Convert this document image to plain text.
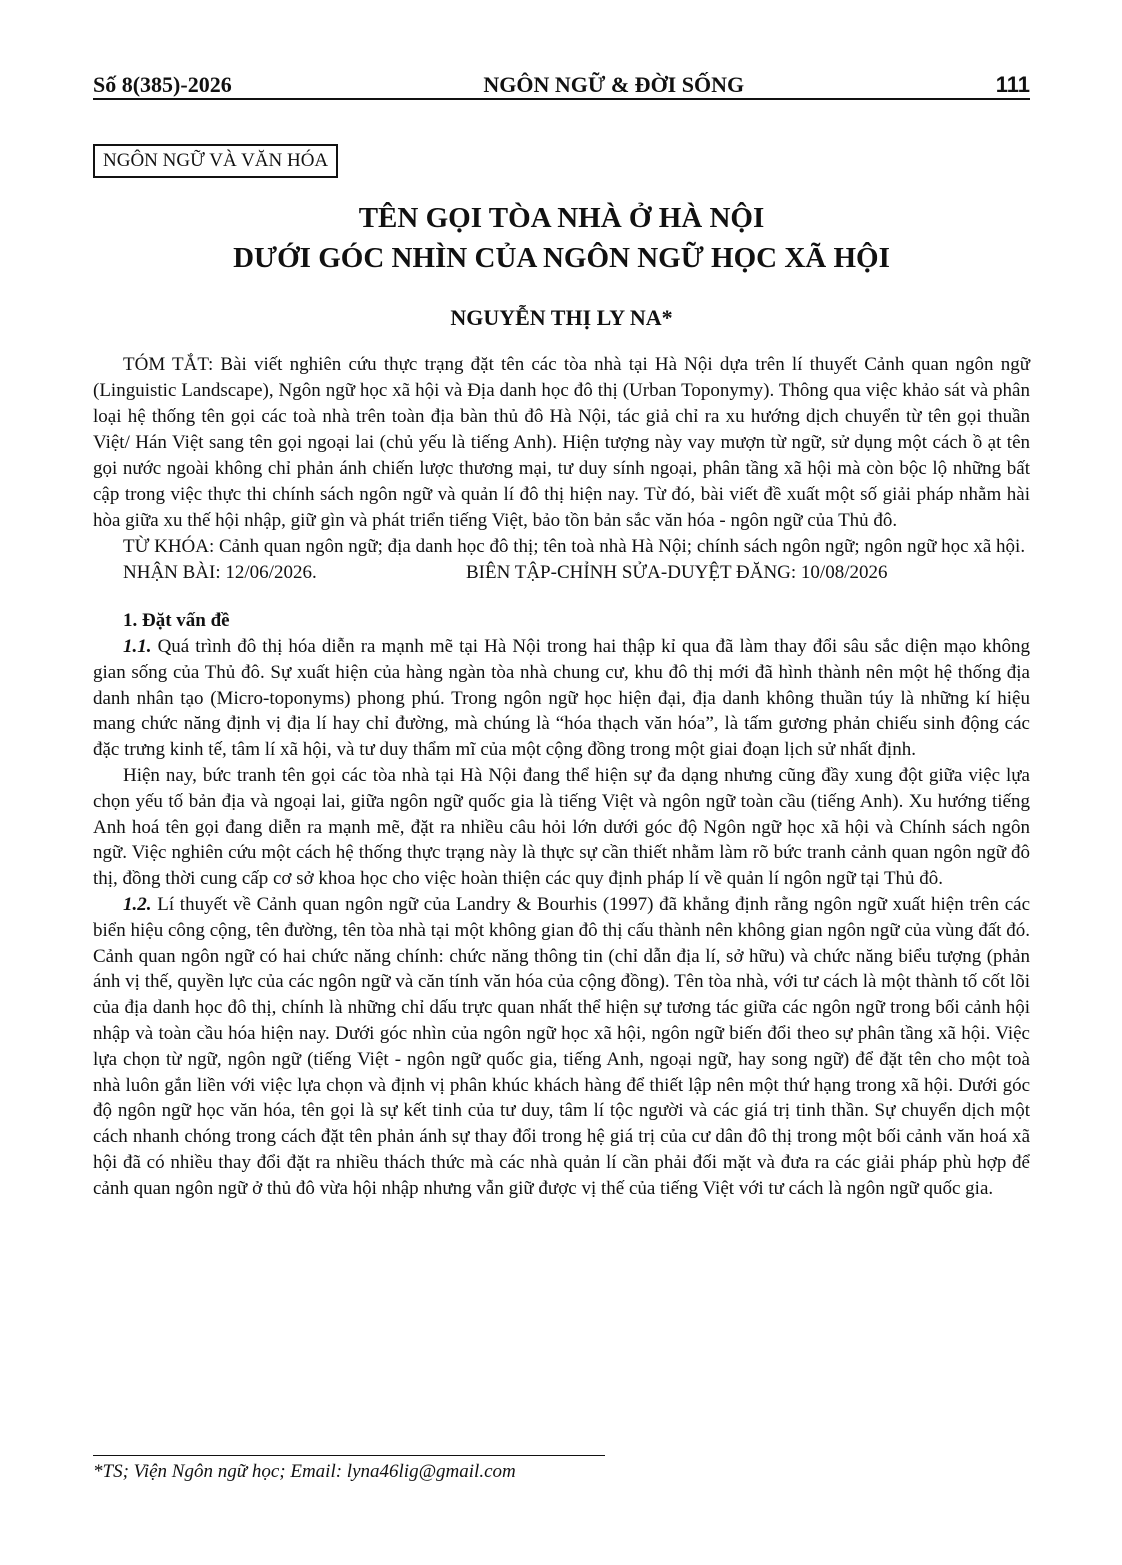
Số 8(385)-2026	NGÔN NGỮ & ĐỜI SỐNG	111
NGÔN NGỮ VÀ VĂN HÓA
TÊN GỌI TÒA NHÀ Ở HÀ NỘI
DƯỚI GÓC NHÌN CỦA NGÔN NGỮ HỌC XÃ HỘI
NGUYỄN THỊ LY NA*

TÓM TẮT: Bài viết nghiên cứu thực trạng đặt tên các tòa nhà tại Hà Nội dựa trên lí thuyết Cảnh quan ngôn ngữ (Linguistic Landscape), Ngôn ngữ học xã hội và Địa danh học đô thị (Urban Toponymy). Thông qua việc khảo sát và phân loại hệ thống tên gọi các toà nhà trên toàn địa bàn thủ đô Hà Nội, tác giả chỉ ra xu hướng dịch chuyển từ tên gọi thuần Việt/ Hán Việt sang tên gọi ngoại lai (chủ yếu là tiếng Anh). Hiện tượng này vay mượn từ ngữ, sử dụng một cách ồ ạt tên gọi nước ngoài không chỉ phản ánh chiến lược thương mại, tư duy sính ngoại, phân tầng xã hội mà còn bộc lộ những bất cập trong việc thực thi chính sách ngôn ngữ và quản lí đô thị hiện nay. Từ đó, bài viết đề xuất một số giải pháp nhằm hài hòa giữa xu thế hội nhập, giữ gìn và phát triển tiếng Việt, bảo tồn bản sắc văn hóa - ngôn ngữ của Thủ đô.

TỪ KHÓA: Cảnh quan ngôn ngữ; địa danh học đô thị; tên toà nhà Hà Nội; chính sách ngôn ngữ; ngôn ngữ học xã hội.

NHẬN BÀI: 12/06/2026.	BIÊN TẬP-CHỈNH SỬA-DUYỆT ĐĂNG: 10/08/2026
1. Đặt vấn đề

1.1. Quá trình đô thị hóa diễn ra mạnh mẽ tại Hà Nội trong hai thập kỉ qua đã làm thay đổi sâu sắc diện mạo không gian sống của Thủ đô. Sự xuất hiện của hàng ngàn tòa nhà chung cư, khu đô thị mới đã hình thành nên một hệ thống địa danh nhân tạo (Micro-toponyms) phong phú. Trong ngôn ngữ học hiện đại, địa danh không thuần túy là những kí hiệu mang chức năng định vị địa lí hay chỉ đường, mà chúng là “hóa thạch văn hóa”, là tấm gương phản chiếu sinh động các đặc trưng kinh tế, tâm lí xã hội, và tư duy thẩm mĩ của một cộng đồng trong một giai đoạn lịch sử nhất định.

Hiện nay, bức tranh tên gọi các tòa nhà tại Hà Nội đang thể hiện sự đa dạng nhưng cũng đầy xung đột giữa việc lựa chọn yếu tố bản địa và ngoại lai, giữa ngôn ngữ quốc gia là tiếng Việt và ngôn ngữ toàn cầu (tiếng Anh). Xu hướng tiếng Anh hoá tên gọi đang diễn ra mạnh mẽ, đặt ra nhiều câu hỏi lớn dưới góc độ Ngôn ngữ học xã hội và Chính sách ngôn ngữ. Việc nghiên cứu một cách hệ thống thực trạng này là thực sự cần thiết nhằm làm rõ bức tranh cảnh quan ngôn ngữ đô thị, đồng thời cung cấp cơ sở khoa học cho việc hoàn thiện các quy định pháp lí về quản lí ngôn ngữ tại Thủ đô.

1.2. Lí thuyết về Cảnh quan ngôn ngữ của Landry & Bourhis (1997) đã khẳng định rằng ngôn ngữ xuất hiện trên các biển hiệu công cộng, tên đường, tên tòa nhà tại một không gian đô thị cấu thành nên không gian ngôn ngữ của vùng đất đó. Cảnh quan ngôn ngữ có hai chức năng chính: chức năng thông tin (chỉ dẫn địa lí, sở hữu) và chức năng biểu tượng (phản ánh vị thế, quyền lực của các ngôn ngữ và căn tính văn hóa của cộng đồng). Tên tòa nhà, với tư cách là một thành tố cốt lõi của địa danh học đô thị, chính là những chỉ dấu trực quan nhất thể hiện sự tương tác giữa các ngôn ngữ trong bối cảnh hội nhập và toàn cầu hóa hiện nay. Dưới góc nhìn của ngôn ngữ học xã hội, ngôn ngữ biến đổi theo sự phân tầng xã hội. Việc lựa chọn từ ngữ, ngôn ngữ (tiếng Việt - ngôn ngữ quốc gia, tiếng Anh, ngoại ngữ, hay song ngữ) để đặt tên cho một toà nhà luôn gắn liền với việc lựa chọn và định vị phân khúc khách hàng để thiết lập nên một thứ hạng trong xã hội. Dưới góc độ ngôn ngữ học văn hóa, tên gọi là sự kết tinh của tư duy, tâm lí tộc người và các giá trị tinh thần. Sự chuyển dịch một cách nhanh chóng trong cách đặt tên phản ánh sự thay đổi trong hệ giá trị của cư dân đô thị trong một bối cảnh văn hoá xã hội đã có nhiều thay đổi đặt ra nhiều thách thức mà các nhà quản lí cần phải đối mặt và đưa ra các giải pháp phù hợp để cảnh quan ngôn ngữ ở thủ đô vừa hội nhập nhưng vẫn giữ được vị thế của tiếng Việt với tư cách là ngôn ngữ quốc gia.

*TS; Viện Ngôn ngữ học; Email: lyna46lig@gmail.com
